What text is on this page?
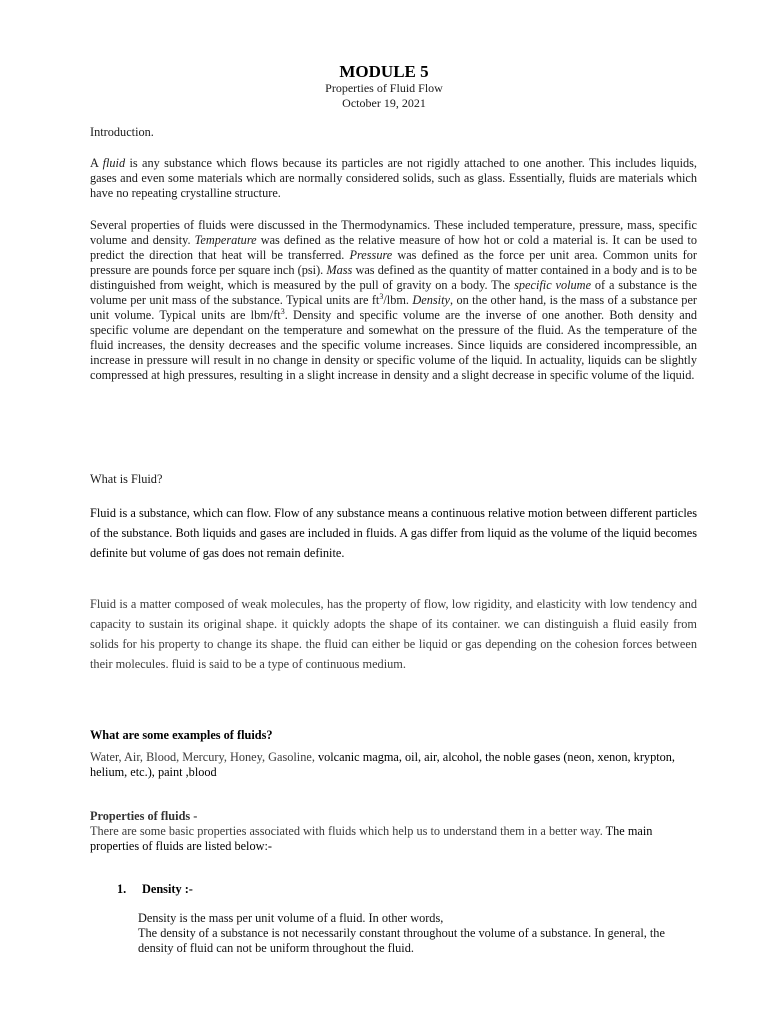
MODULE 5
Properties of Fluid Flow
October 19, 2021
Introduction.
A fluid is any substance which flows because its particles are not rigidly attached to one another. This includes liquids, gases and even some materials which are normally considered solids, such as glass. Essentially, fluids are materials which have no repeating crystalline structure.
Several properties of fluids were discussed in the Thermodynamics. These included temperature, pressure, mass, specific volume and density. Temperature was defined as the relative measure of how hot or cold a material is. It can be used to predict the direction that heat will be transferred. Pressure was defined as the force per unit area. Common units for pressure are pounds force per square inch (psi). Mass was defined as the quantity of matter contained in a body and is to be distinguished from weight, which is measured by the pull of gravity on a body. The specific volume of a substance is the volume per unit mass of the substance. Typical units are $ft^3$/lbm. Density, on the other hand, is the mass of a substance per unit volume. Typical units are lbm/$ft^3$. Density and specific volume are the inverse of one another. Both density and specific volume are dependant on the temperature and somewhat on the pressure of the fluid. As the temperature of the fluid increases, the density decreases and the specific volume increases. Since liquids are considered incompressible, an increase in pressure will result in no change in density or specific volume of the liquid. In actuality, liquids can be slightly compressed at high pressures, resulting in a slight increase in density and a slight decrease in specific volume of the liquid.
What is Fluid?
Fluid is a substance, which can flow. Flow of any substance means a continuous relative motion between different particles of the substance. Both liquids and gases are included in fluids. A gas differ from liquid as the volume of the liquid becomes definite but volume of gas does not remain definite.
Fluid is a matter composed of weak molecules, has the property of flow, low rigidity, and elasticity with low tendency and capacity to sustain its original shape. it quickly adopts the shape of its container. we can distinguish a fluid easily from solids for his property to change its shape. the fluid can either be liquid or gas depending on the cohesion forces between their molecules. fluid is said to be a type of continuous medium.
What are some examples of fluids?
Water, Air, Blood, Mercury, Honey, Gasoline, volcanic magma, oil, air, alcohol, the noble gases (neon, xenon, krypton, helium, etc.), paint ,blood
Properties of fluids -
There are some basic properties associated with fluids which help us to understand them in a better way. The main properties of fluids are listed below:-
1. Density :-
Density is the mass per unit volume of a fluid. In other words,
The density of a substance is not necessarily constant throughout the volume of a substance. In general, the density of fluid can not be uniform throughout the fluid.
